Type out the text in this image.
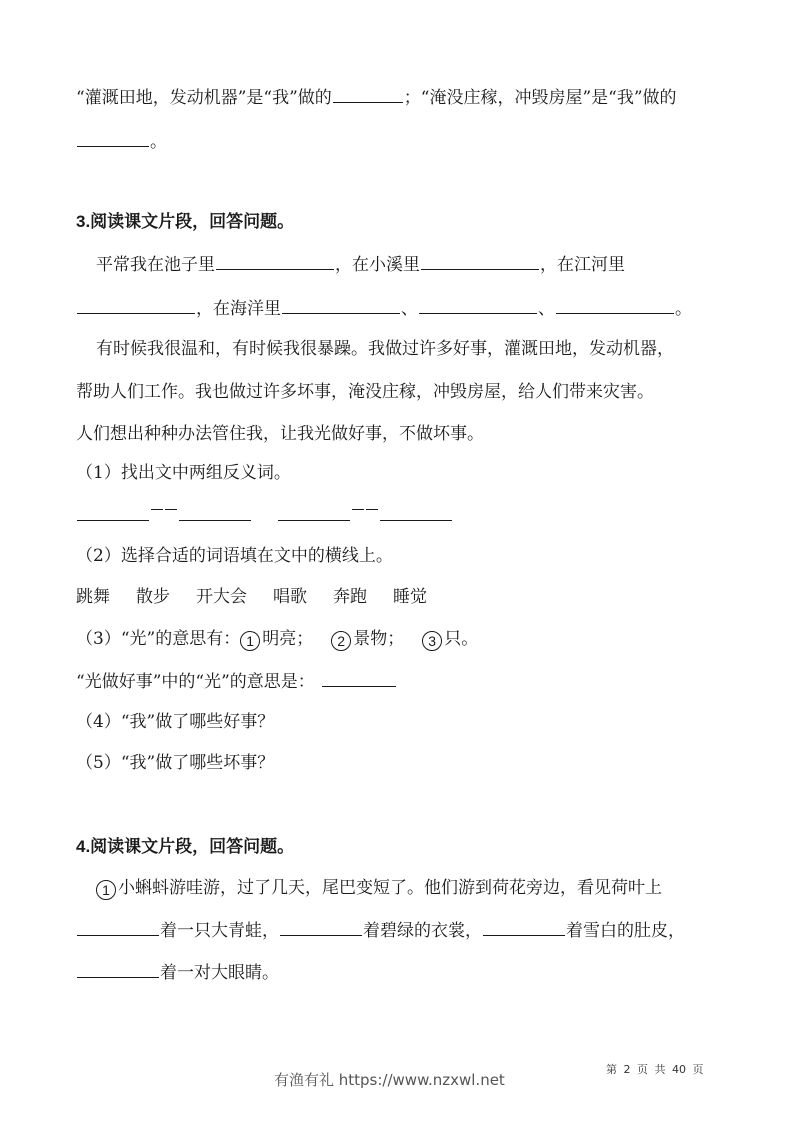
“灌溉田地，发动机器”是“我”做的	；“淹没庄稼，冲毁房屋”是“我”做的
。
3.阅读课文片段，回答问题。
平常我在池子里	，在小溪里	，在江河里
，在海洋里	、	、	。
有时候我很温和，有时候我很暴躁。我做过许多好事，灌溉田地，发动机器，
帮助人们工作。我也做过许多坏事，淹没庄稼，冲毁房屋，给人们带来灾害。
人们想出种种办法管住我，让我光做好事，不做坏事。
（1）找出文中两组反义词。

（2）选择合适的词语填在文中的横线上。
跳舞 散步 开大会 唱歌 奔跑 睡觉
（3）“光”的意思有： 1 明亮； 2 景物； 3 只。
“光做好事”中的“光”的意思是：
（4）“我”做了哪些好事？
（5）“我”做了哪些坏事？
4.阅读课文片段，回答问题。
1 小蝌蚪游哇游，过了几天，尾巴变短了。他们游到荷花旁边，看见荷叶上
着一只大青蛙，	着碧绿的衣裳，	着雪白的肚皮，
着一对大眼睛。
第 2 页 共 40 页
有渔有礼 https://www.nzxwl.net
